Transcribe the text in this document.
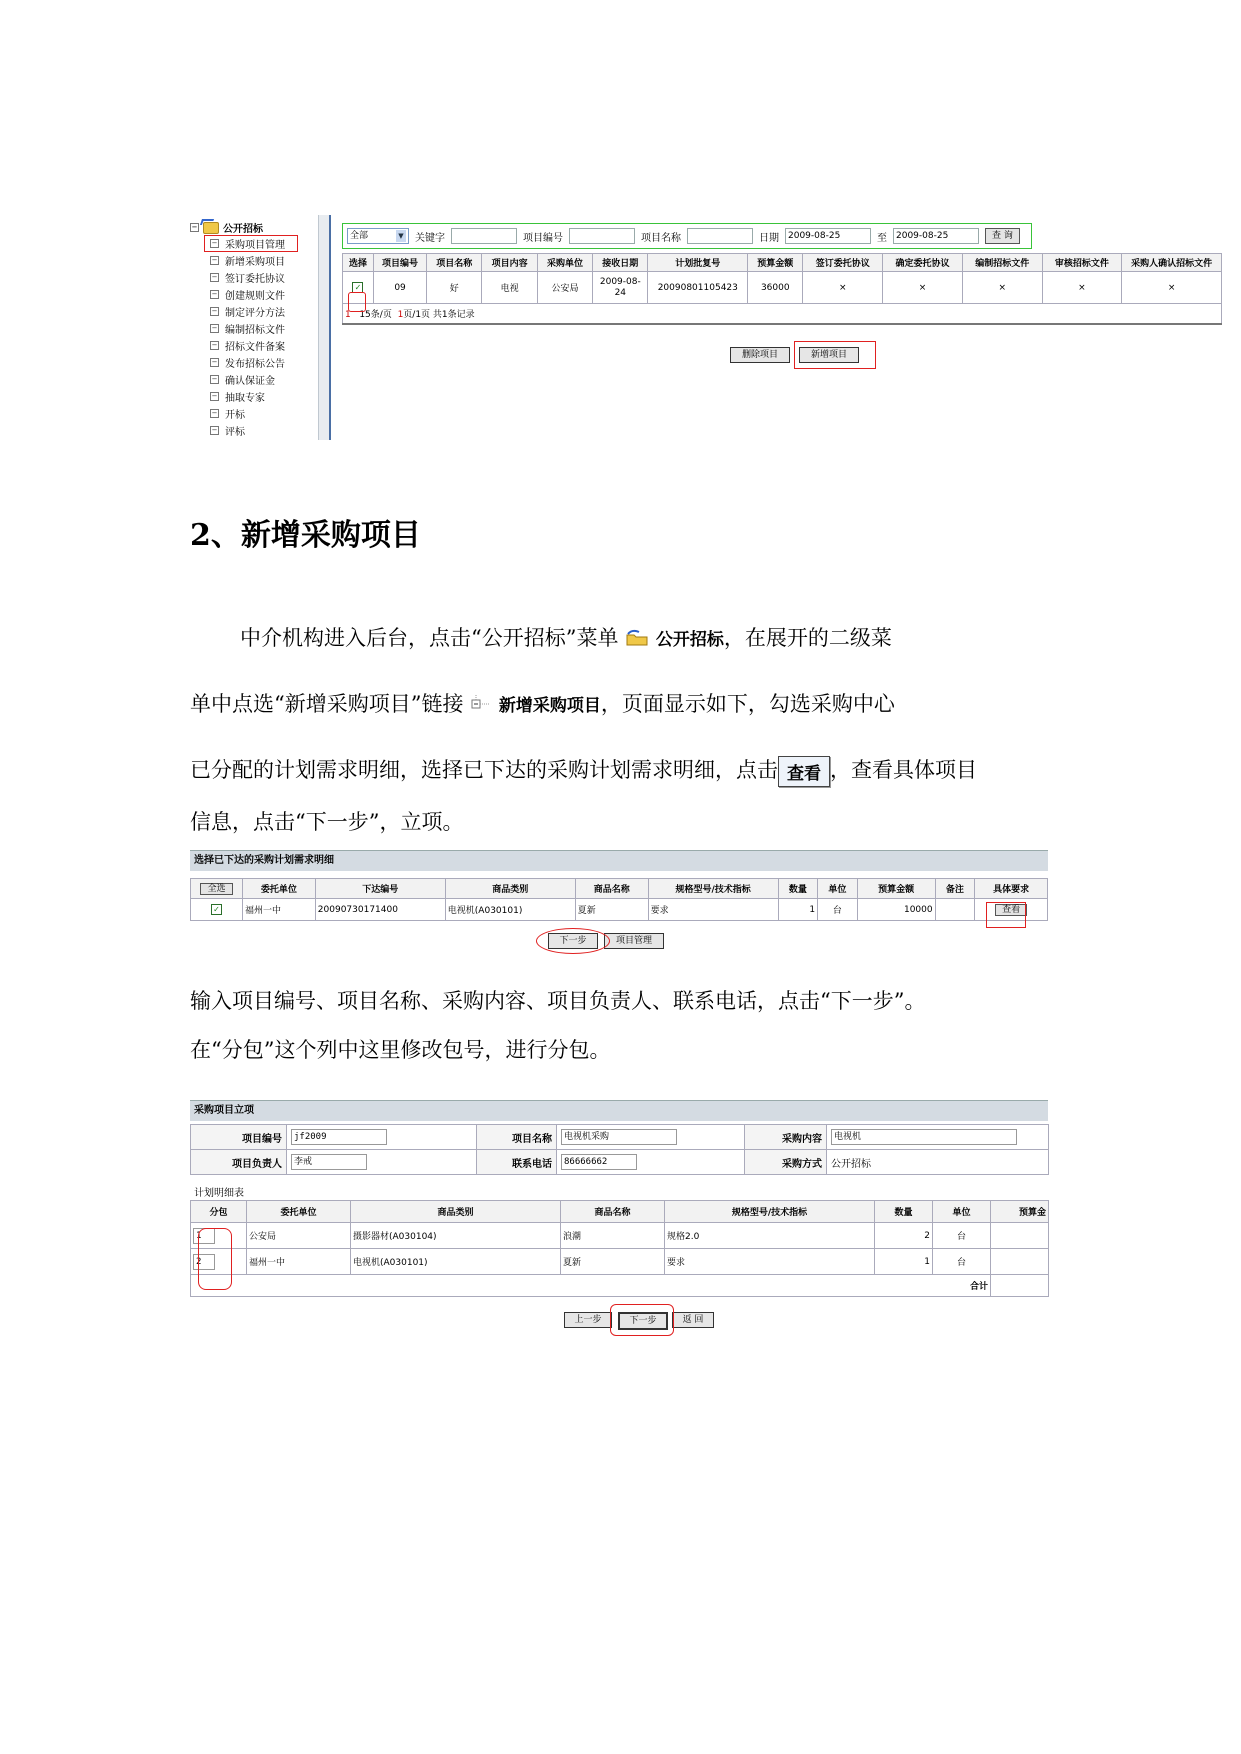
−	公开招标
− 采购项目管理
− 新增采购项目
− 签订委托协议
− 创建规则文件
− 制定评分方法
− 编制招标文件
− 招标文件备案
− 发布招标公告
− 确认保证金
− 抽取专家
− 开标
− 评标
全部	▼ 关键字	项目编号	项目名称	日期	2009-08-25	至	2009-08-25	查 询
选择	项目编号	项目名称	项目内容	采购单位	接收日期	计划批复号	预算金额	签订委托协议	确定委托协议	编制招标文件	审核招标文件	采购人确认招标文件
✓	09	好	电视	公安局	2009-08-24	20090801105423	36000	×	×	×	×	×
1 15条/页 1页/1页 共1条记录												
删除项目	新增项目
2、新增采购项目
中介机构进入后台，点击“公开招标”菜单 公开招标，在展开的二级菜
单中点选“新增采购项目”链接 新增采购项目，页面显示如下，勾选采购中心
已分配的计划需求明细，选择已下达的采购计划需求明细，点击 查看 ，查看具体项目
信息，点击“下一步”，立项。
选择已下达的采购计划需求明细
全选	委托单位	下达编号	商品类别	商品名称	规格型号/技术指标	数量	单位	预算金额	备注	具体要求
✓	福州一中	20090730171400	电视机(A030101)	夏新	要求	1	台	10000		查看
下一步	项目管理
输入项目编号、项目名称、采购内容、项目负责人、联系电话，点击“下一步”。
在“分包”这个列中这里修改包号，进行分包。
采购项目立项
项目编号	jf2009	项目名称	电视机采购	采购内容	电视机
项目负责人	李戒	联系电话	86666662	采购方式	公开招标
计划明细表
分包	委托单位	商品类别	商品名称	规格型号/技术指标	数量	单位	预算金
1	公安局	摄影器材(A030104)	浪潮	规格2.0	2	台	
2	福州一中	电视机(A030101)	夏新	要求	1	台	
合计							
上一步	下一步	返 回
